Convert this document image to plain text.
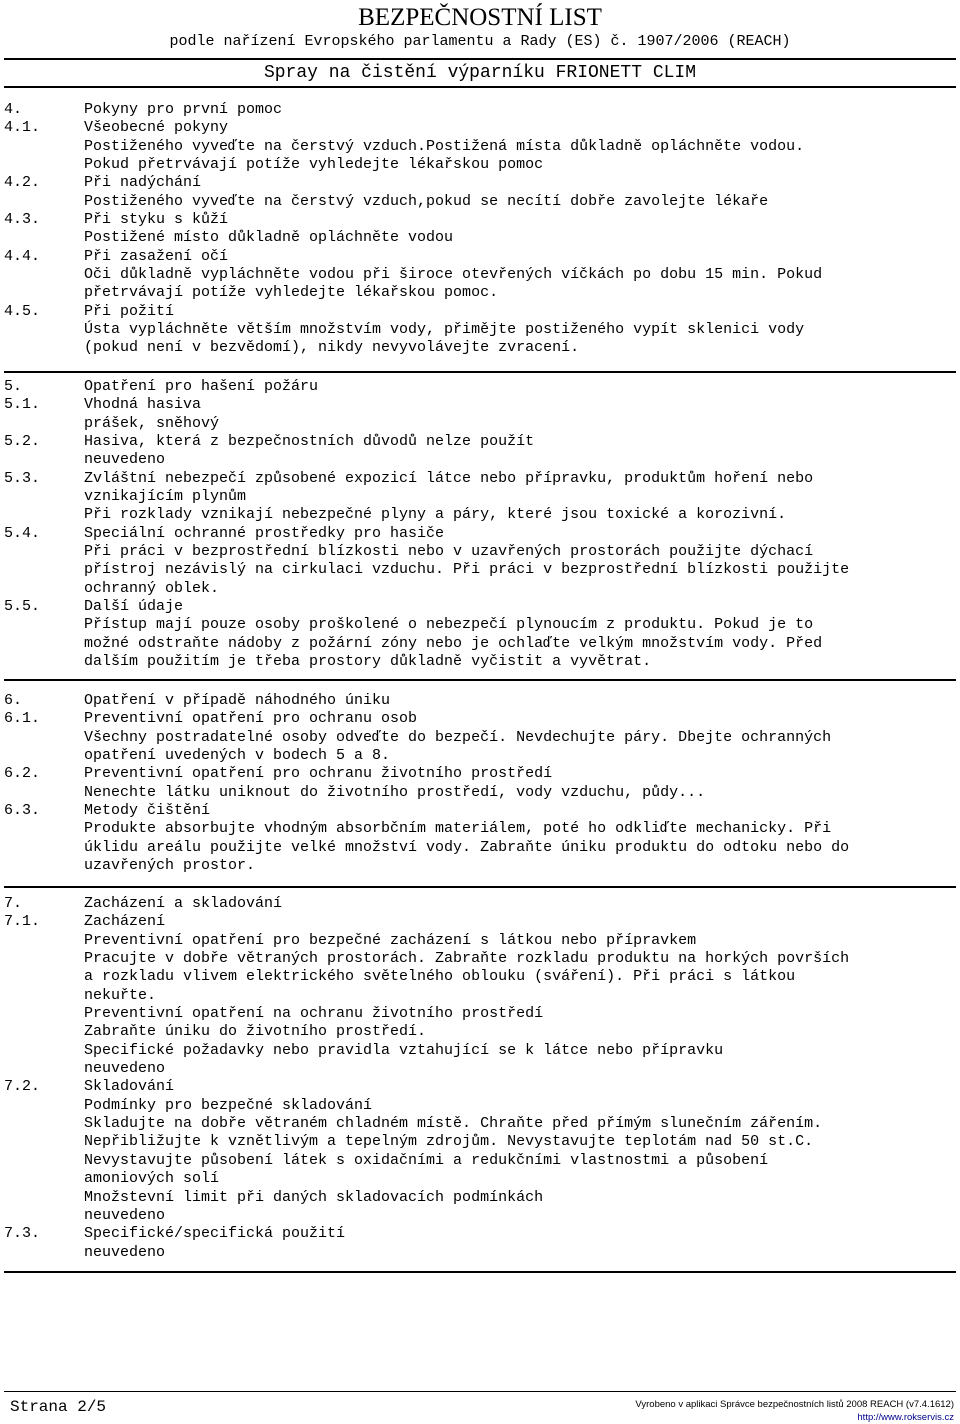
BEZPEČNOSTNÍ LIST
podle nařízení Evropského parlamentu a Rady (ES) č. 1907/2006 (REACH)
Spray na čistění výparníku FRIONETT CLIM
4.	Pokyny pro první pomoc
4.1.	Všeobecné pokyny
Postiženého vyveďte na čerstvý vzduch.Postižená místa důkladně opláchněte vodou.
Pokud přetrvávají potíže vyhledejte lékařskou pomoc
4.2.	Při nadýchání
Postiženého vyveďte na čerstvý vzduch,pokud se necítí dobře zavolejte lékaře
4.3.	Při styku s kůží
Postižené místo důkladně opláchněte vodou
4.4.	Při zasažení očí
Oči důkladně vypláchněte vodou při široce otevřených víčkách po dobu 15 min. Pokud
přetrvávají potíže vyhledejte lékařskou pomoc.
4.5.	Při požití
Ústa vypláchněte větším množstvím vody, přimějte postiženého vypít sklenici vody
(pokud není v bezvědomí), nikdy nevyvolávejte zvracení.
5.	Opatření pro hašení požáru
5.1.	Vhodná hasiva
prášek, sněhový
5.2.	Hasiva, která z bezpečnostních důvodů nelze použít
neuvedeno
5.3.	Zvláštní nebezpečí způsobené expozicí látce nebo přípravku, produktům hoření nebo
vznikajícím plynům
Při rozklady vznikají nebezpečné plyny a páry, které jsou toxické a korozivní.
5.4.	Speciální ochranné prostředky pro hasiče
Při práci v bezprostřední blízkosti nebo v uzavřených prostorách použijte dýchací
přístroj nezávislý na cirkulaci vzduchu. Při práci v bezprostřední blízkosti použijte
ochranný oblek.
5.5.	Další údaje
Přístup mají pouze osoby proškolené o nebezpečí plynoucím z produktu. Pokud je to
možné odstraňte nádoby z požární zóny nebo je ochlaďte velkým množstvím vody. Před
dalším použitím je třeba prostory důkladně vyčistit a vyvětrat.
6.	Opatření v případě náhodného úniku
6.1.	Preventivní opatření pro ochranu osob
Všechny postradatelné osoby odveďte do bezpečí. Nevdechujte páry. Dbejte ochranných
opatření uvedených v bodech 5 a 8.
6.2.	Preventivní opatření pro ochranu životního prostředí
Nenechte látku uniknout do životního prostředí, vody vzduchu, půdy...
6.3.	Metody čištění
Produkte absorbujte vhodným absorbčním materiálem, poté ho odkliďte mechanicky. Při
úklidu areálu použijte velké množství vody. Zabraňte úniku produktu do odtoku nebo do
uzavřených prostor.
7.	Zacházení a skladování
7.1.	Zacházení
Preventivní opatření pro bezpečné zacházení s látkou nebo přípravkem
Pracujte v dobře větraných prostorách. Zabraňte rozkladu produktu na horkých površích
a rozkladu vlivem elektrického světelného oblouku (sváření). Při práci s látkou
nekuřte.
Preventivní opatření na ochranu životního prostředí
Zabraňte úniku do životního prostředí.
Specifické požadavky nebo pravidla vztahující se k látce nebo přípravku
neuvedeno
7.2.	Skladování
Podmínky pro bezpečné skladování
Skladujte na dobře větraném chladném místě. Chraňte před přímým slunečním zářením.
Nepřibližujte k vznětlivým a tepelným zdrojům. Nevystavujte teplotám nad 50 st.C.
Nevystavujte působení látek s oxidačními a redukčními vlastnostmi a působení
amoniových solí
Množstevní limit při daných skladovacích podmínkách
neuvedeno
7.3.	Specifické/specifická použití
neuvedeno
Strana 2/5	Vyrobeno v aplikaci Správce bezpečnostních listů 2008 REACH (v7.4.1612)
http://www.rokservis.cz
